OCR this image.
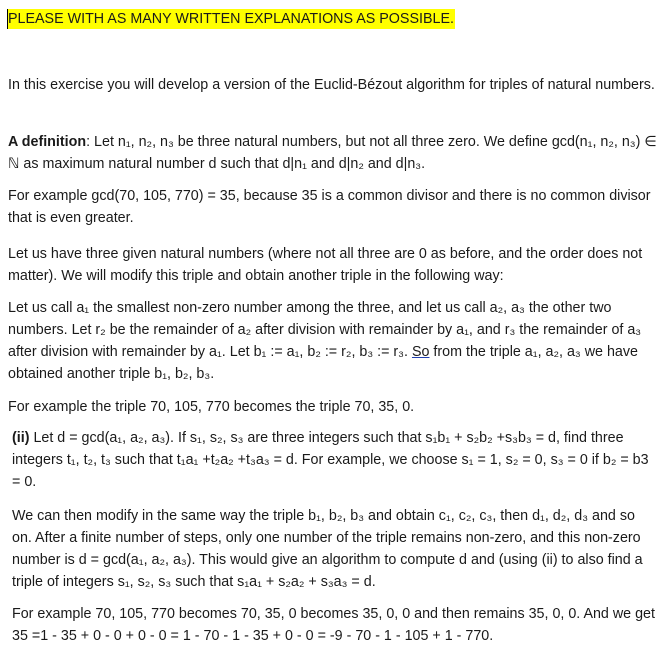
PLEASE WITH AS MANY WRITTEN EXPLANATIONS AS POSSIBLE.

In this exercise you will develop a version of the Euclid-Bézout algorithm for triples of natural numbers.

A definition: Let n₁, n₂, n₃ be three natural numbers, but not all three zero. We define gcd(n₁, n₂, n₃) ∈ ℕ as maximum natural number d such that d|n₁ and d|n₂ and d|n₃.

For example gcd(70, 105, 770) = 35, because 35 is a common divisor and there is no common divisor that is even greater.

Let us have three given natural numbers (where not all three are 0 as before, and the order does not matter). We will modify this triple and obtain another triple in the following way:

Let us call a₁ the smallest non-zero number among the three, and let us call a₂, a₃ the other two numbers. Let r₂ be the remainder of a₂ after division with remainder by a₁, and r₃ the remainder of a₃ after division with remainder by a₁. Let b₁ := a₁, b₂ := r₂, b₃ := r₃. So from the triple a₁, a₂, a₃ we have obtained another triple b₁, b₂, b₃.

For example the triple 70, 105, 770 becomes the triple 70, 35, 0.

(ii) Let d = gcd(a₁, a₂, a₃). If s₁, s₂, s₃ are three integers such that s₁b₁ + s₂b₂ +s₃b₃ = d, find three integers t₁, t₂, t₃ such that t₁a₁ +t₂a₂ +t₃a₃ = d. For example, we choose s₁ = 1, s₂ = 0, s₃ = 0 if b₂ = b3 = 0.

We can then modify in the same way the triple b₁, b₂, b₃ and obtain c₁, c₂, c₃, then d₁, d₂, d₃ and so on. After a finite number of steps, only one number of the triple remains non-zero, and this non-zero number is d = gcd(a₁, a₂, a₃). This would give an algorithm to compute d and (using (ii) to also find a triple of integers s₁, s₂, s₃ such that s₁a₁ + s₂a₂ + s₃a₃ = d.

For example 70, 105, 770 becomes 70, 35, 0 becomes 35, 0, 0 and then remains 35, 0, 0. And we get 35 =1 - 35 + 0 - 0 + 0 - 0 = 1 - 70 - 1 - 35 + 0 - 0 = -9 - 70 - 1 - 105 + 1 - 770.
